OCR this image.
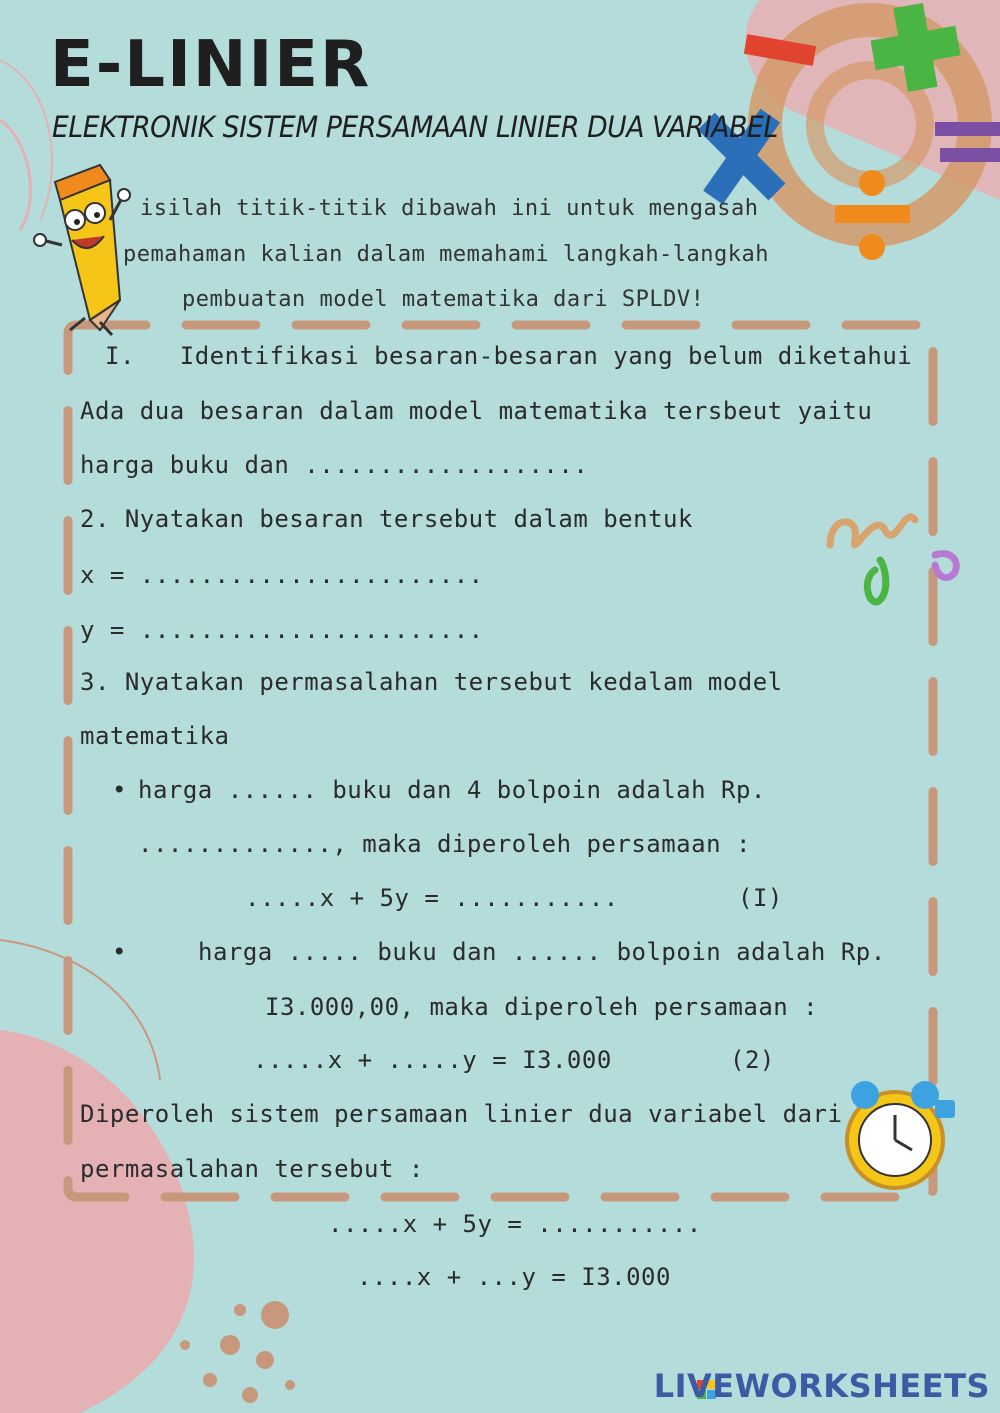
E-LINIER
ELEKTRONIK SISTEM PERSAMAAN LINIER DUA VARIABEL
isilah titik-titik dibawah ini untuk mengasah
pemahaman kalian dalam memahami langkah-langkah
pembuatan model matematika dari SPLDV!
I.   Identifikasi besaran-besaran yang belum diketahui
Ada dua besaran dalam model matematika tersbeut yaitu
harga buku dan ...................
2. Nyatakan besaran tersebut dalam bentuk
x = .......................
y = .......................
3. Nyatakan permasalahan tersebut kedalam model
matematika
• harga ...... buku dan 4 bolpoin adalah Rp.
............., maka diperoleh persamaan :
.....x + 5y = ...........	(I)
•	harga ..... buku dan ...... bolpoin adalah Rp.
I3.000,00, maka diperoleh persamaan :
.....x + .....y = I3.000	(2)
Diperoleh sistem persamaan linier dua variabel dari
permasalahan tersebut :
.....x + 5y = ...........
....x + ...y = I3.000
LIVEWORKSHEETS
